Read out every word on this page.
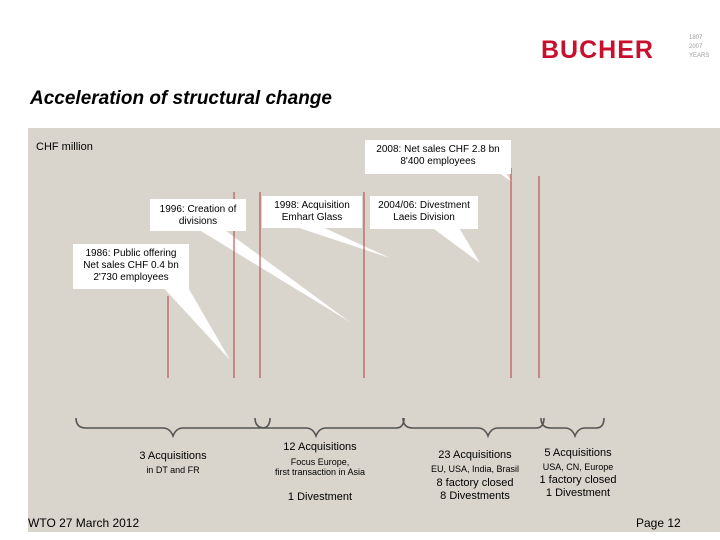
BUCHER	1807
2007
YEARS
Acceleration of structural change
CHF million	2008: Net sales CHF 2.8 bn
8'400 employees
1996: Creation of
divisions
1998: Acquisition
Emhart Glass
2004/06: Divestment
Laeis Division
1986: Public offering
Net sales CHF 0.4 bn
2'730 employees
3 Acquisitions
in DT and FR
12 Acquisitions
Focus Europe,
first transaction in Asia
1 Divestment
23 Acquisitions
EU, USA, India, Brasil
8 factory closed
8 Divestments
5 Acquisitions
USA, CN, Europe
1 factory closed
1 Divestment
WTO 27 March 2012	Page 12
